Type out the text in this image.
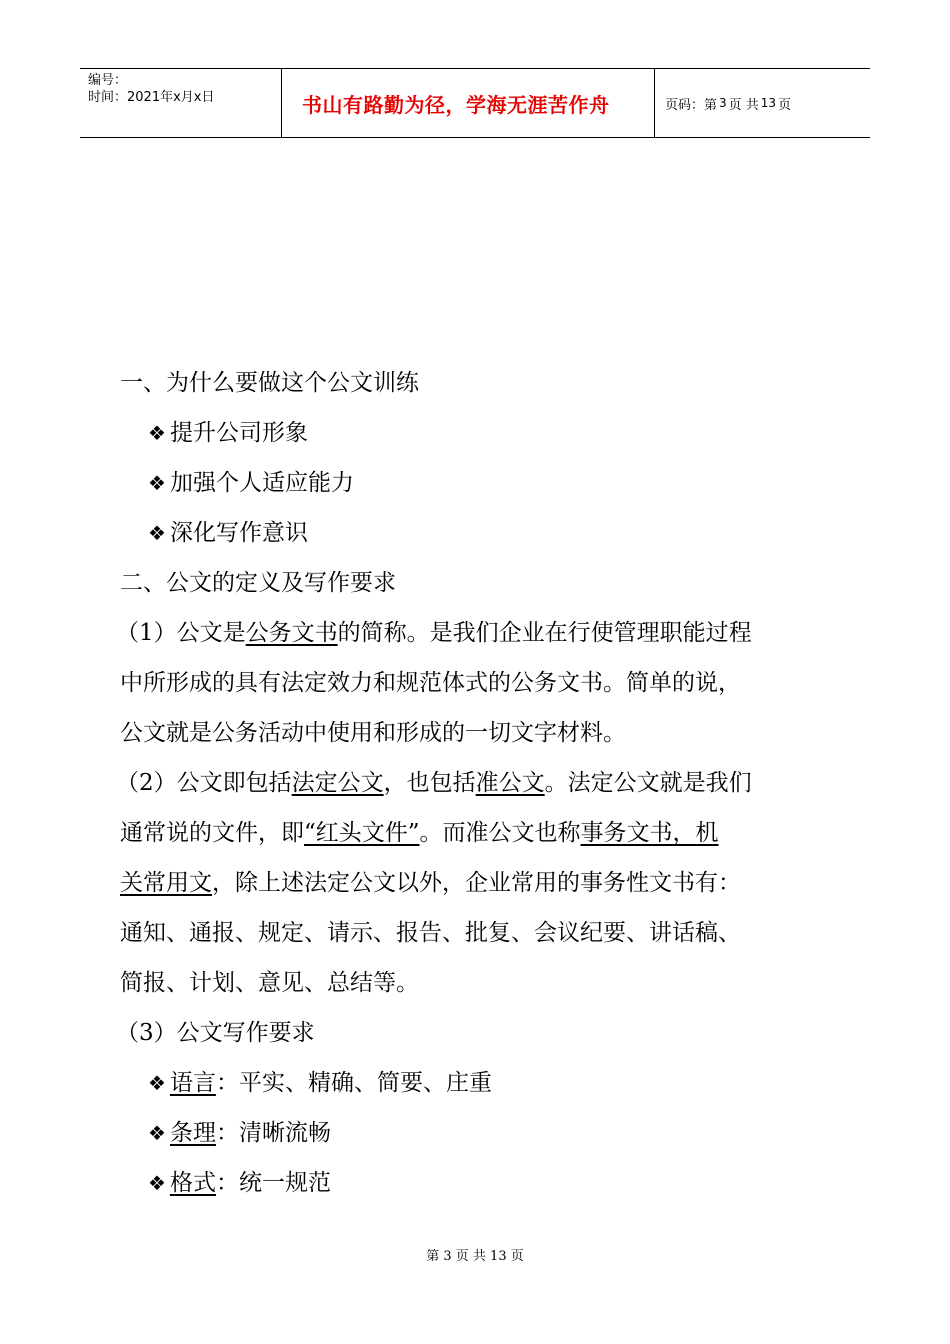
编号：
时间：2021年x月x日	书山有路勤为径，学海无涯苦作舟	页码：第 3 页 共 13 页
一、为什么要做这个公文训练
❖ 提升公司形象
❖ 加强个人适应能力
❖ 深化写作意识
二、公文的定义及写作要求
（1）公文是公务文书的简称。是我们企业在行使管理职能过程
中所形成的具有法定效力和规范体式的公务文书。简单的说，
公文就是公务活动中使用和形成的一切文字材料。
（2）公文即包括法定公文，也包括准公文。法定公文就是我们
通常说的文件，即“红头文件”。而准公文也称事务文书，机
关常用文，除上述法定公文以外，企业常用的事务性文书有：
通知、通报、规定、请示、报告、批复、会议纪要、讲话稿、
简报、计划、意见、总结等。
（3）公文写作要求
❖ 语言：平实、精确、简要、庄重
❖ 条理：清晰流畅
❖ 格式：统一规范
第 3 页 共 13 页
